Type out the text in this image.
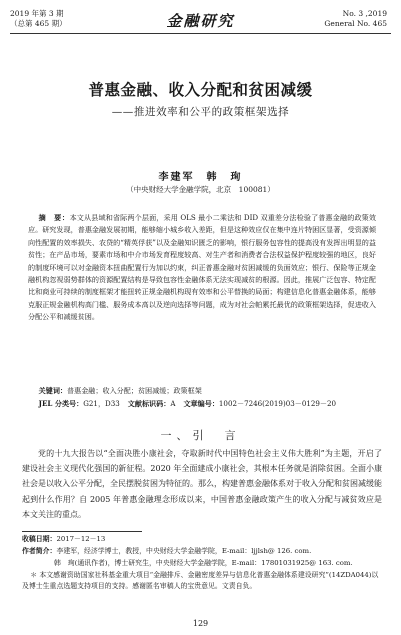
2019 年第 3 期
（总第 465 期）	金融研究	No. 3 ,2019
General No. 465
普惠金融、收入分配和贫困减缓
——推进效率和公平的政策框架选择
李建军　韩　珣
（中央财经大学金融学院，北京　100081）

摘　要：本文从县域和省际两个层面，采用 OLS 最小二乘法和 DID 双重差分法检验了普惠金融的政策效应。研究发现，普惠金融发展初期，能够缩小城乡收入差距，但是这种效应仅在集中连片特困区显著，受资源倾向性配置的效率损失、农贷的“精英俘获”以及金融知识匮乏的影响，银行服务包容性的提高没有发挥出明显的益贫性；在产品市场，要素市场和中介市场发育程度较高、对生产者和消费者合法权益保护程度较强的地区，良好的制度环境可以对金融资本扭曲配置行为加以约束，纠正普惠金融对贫困减缓的负面效应；银行、保险等正规金融机构忽视弱势群体的资源配置结构是导致包容性金融体系无法实现减贫的根源。因此，推展广泛包容、特定配比和商业可持续的制度框架才能扭转正规金融机构现有效率和公平替换的局面；构建信息化普惠金融体系，能够克服正规金融机构高门槛、服务成本高以及逆向选择等问题，成为对社会帕累托最优的政策框架选择，促进收入分配公平和减缓贫困。

关键词：普惠金融；收入分配；贫困减缓；政策框架

JEL 分类号：G21，D33 文献标识码：A 文章编号：1002－7246(2019)03－0129－20

一、引　言

党的十九大报告以“全面决胜小康社会，夺取新时代中国特色社会主义伟大胜利”为主题，开启了建设社会主义现代化强国的新征程。2020 年全面建成小康社会，其根本任务就是消除贫困。全面小康社会是以收入公平分配，全民摆脱贫困为特征的。那么，构建普惠金融体系对于收入分配和贫困减缓能起到什么作用？自 2005 年普惠金融理念形成以来，中国普惠金融政策产生的收入分配与减贫效应是本文关注的重点。

收稿日期：2017－12－13

作者简介：李建军，经济学博士，教授，中央财经大学金融学院，E-mail：ljjlsh@ 126. com.

韩　珣(通讯作者)，博士研究生，中央财经大学金融学院，E-mail：17801031925@ 163. com.

＊ 本文感谢资助国家社科基金重大项目“金融排斥、金融密度差异与信息化普惠金融体系建设研究”(14ZDA044)以及博士生重点选题支持项目的支持。感谢匿名审稿人的宝贵意见。文责自负。

129
